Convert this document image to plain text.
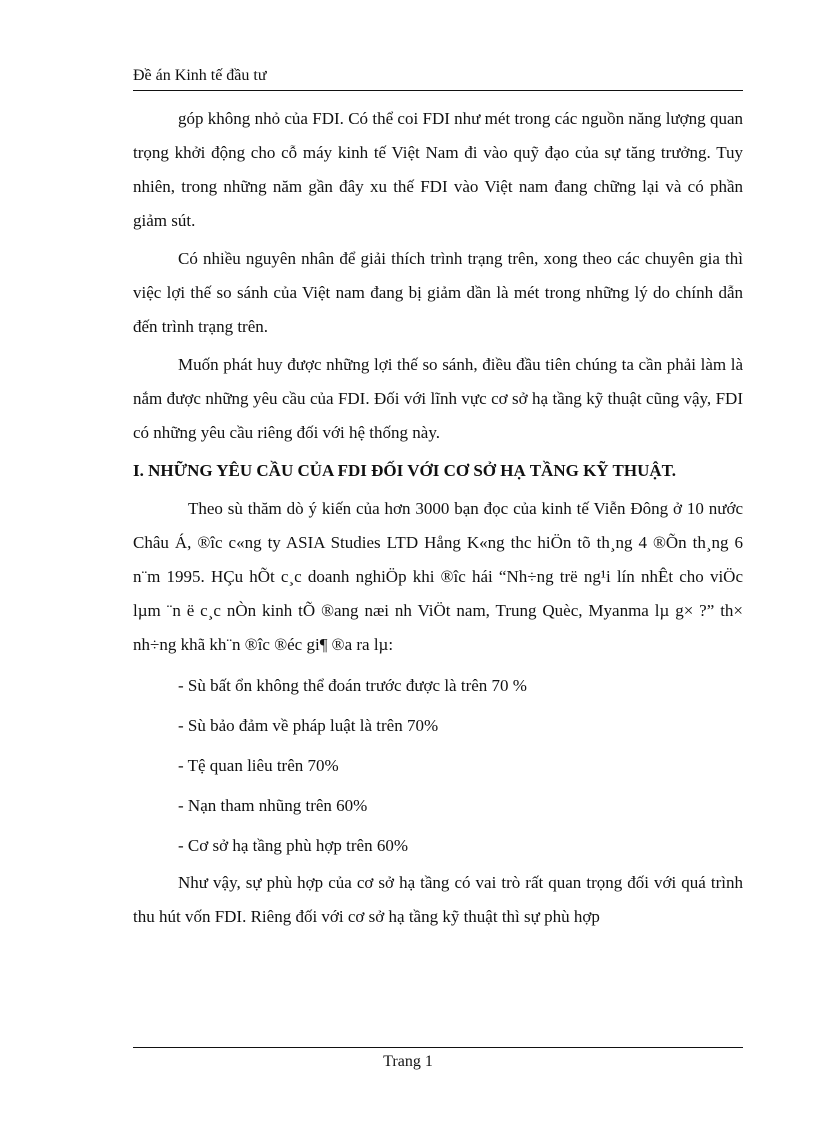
Đề án Kinh tế đầu tư

góp không nhỏ của FDI. Có thể coi FDI như mét trong các nguồn năng lượng quan trọng khởi động cho cỗ máy kinh tế Việt Nam đi vào quỹ đạo của sự tăng trưởng. Tuy nhiên, trong những năm gần đây xu thế FDI vào Việt nam đang chững lại và có phần giảm sút.

Có nhiều nguyên nhân để giải thích trình trạng trên, xong theo các chuyên gia thì việc lợi thế so sánh của Việt nam đang bị giảm dần là mét trong những lý do chính dẫn đến trình trạng trên.

Muốn phát huy được những lợi thế so sánh, điều đầu tiên chúng ta cần phải làm là nắm được những yêu cầu của FDI. Đối với lĩnh vực cơ sở hạ tầng kỹ thuật cũng vậy, FDI có những yêu cầu riêng đối với hệ thống này.

I. NHỮNG YÊU CẦU CỦA FDI ĐỐI VỚI CƠ SỞ HẠ TẦNG KỸ THUẬT.

Theo sù thăm dò ý kiến của hơn 3000 bạn đọc của kinh tế Viễn Đông ở 10 nước Châu Á, ®îc c«ng ty ASIA Studies LTD Hång K«ng thc hiÖn tõ th¸ng 4 ®Õn th¸ng 6 n¨m 1995. HÇu hÕt c¸c doanh nghiÖp khi ®îc hái “Nh÷ng trë ng¹i lín nhÊt cho viÖc lµm ¨n ë c¸c nÒn kinh tÕ ®ang næi nh ViÖt nam, Trung Quèc, Myanma lµ g× ?” th× nh÷ng khã kh¨n ®îc ®éc gi¶ ®a ra lµ:

- Sù bất ổn không thể đoán trước được là trên 70 %

- Sù bảo đảm về pháp luật là trên 70%

- Tệ quan liêu trên 70%

- Nạn tham nhũng trên 60%

- Cơ sở hạ tầng phù hợp trên 60%

Như vậy, sự phù hợp của cơ sở hạ tầng có vai trò rất quan trọng đối với quá trình thu hút vốn FDI. Riêng đối với cơ sở hạ tầng kỹ thuật thì sự phù hợp

Trang 1
